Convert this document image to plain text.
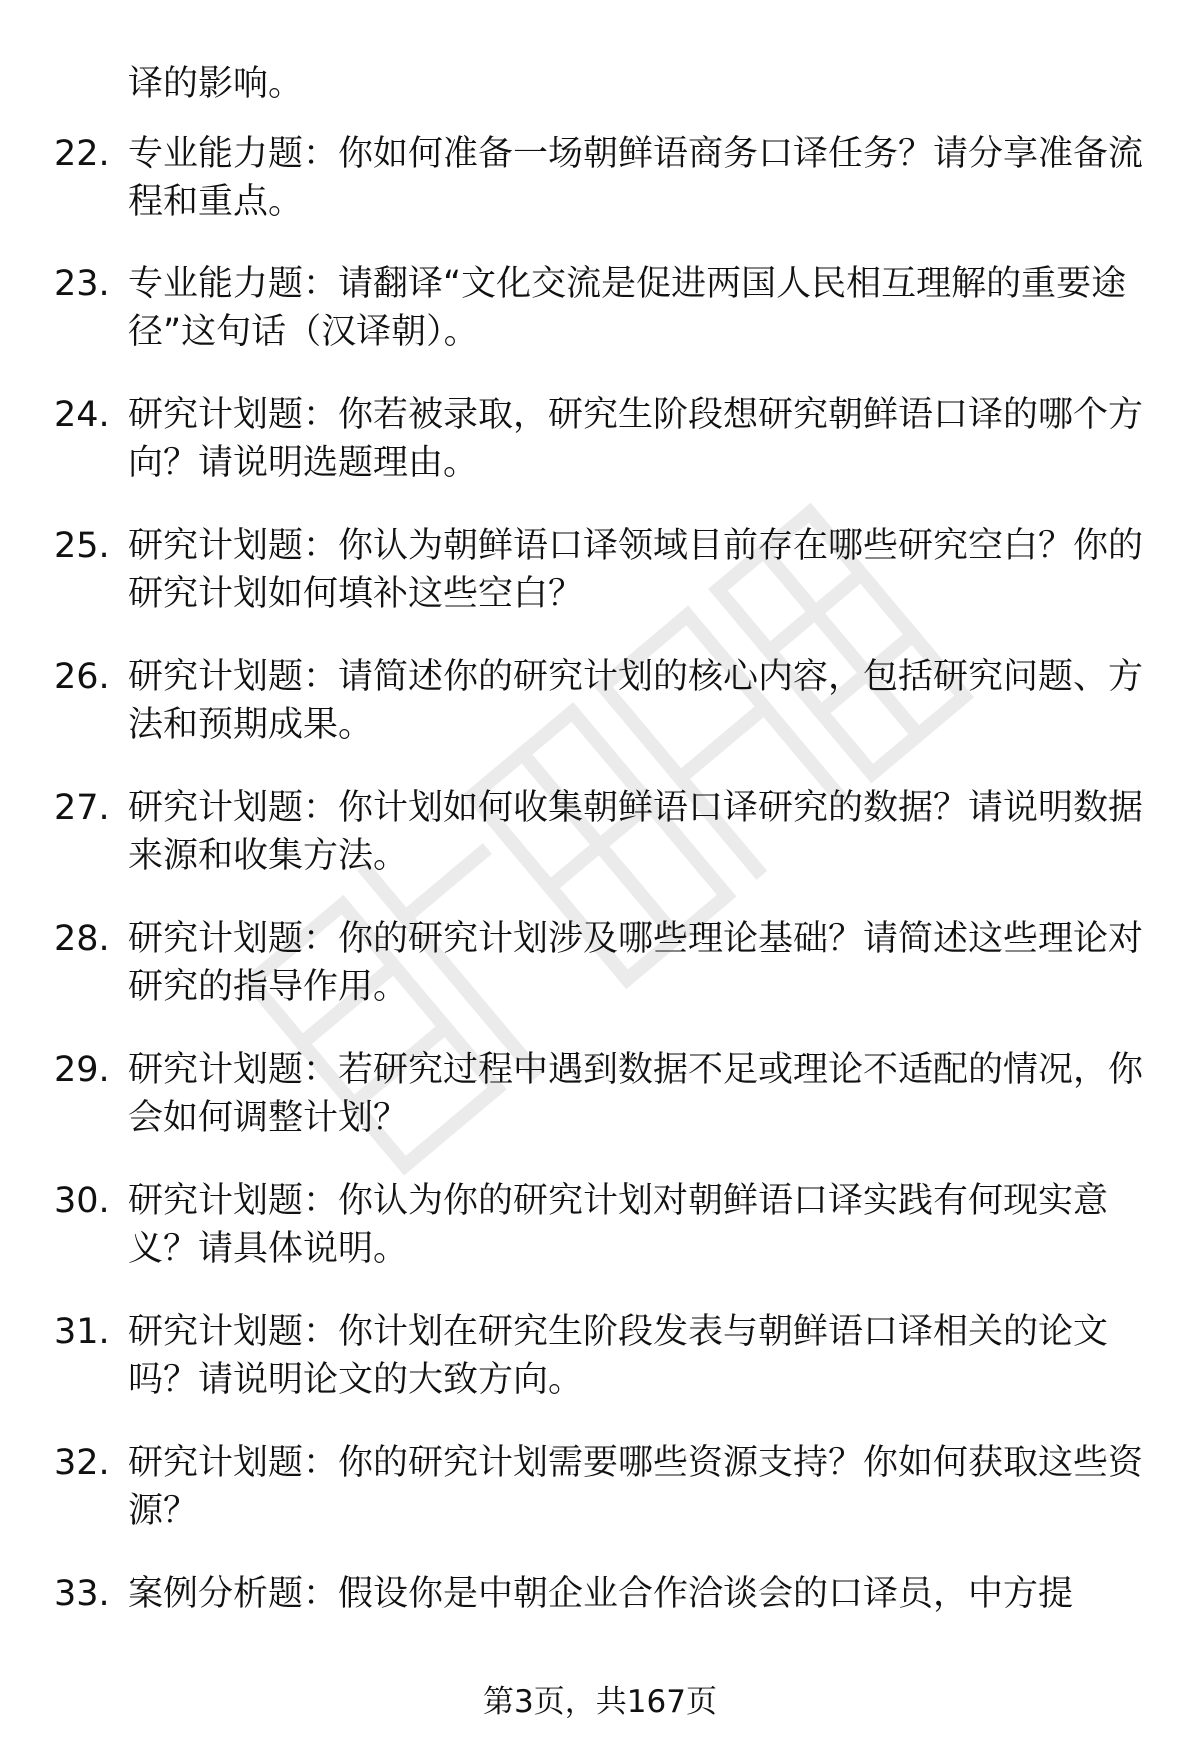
译的影响。

22. 专业能力题：你如何准备一场朝鲜语商务口译任务？请分享准备流程和重点。

23. 专业能力题：请翻译“文化交流是促进两国人民相互理解的重要途径”这句话（汉译朝）。

24. 研究计划题：你若被录取，研究生阶段想研究朝鲜语口译的哪个方向？请说明选题理由。

25. 研究计划题：你认为朝鲜语口译领域目前存在哪些研究空白？你的研究计划如何填补这些空白？

26. 研究计划题：请简述你的研究计划的核心内容，包括研究问题、方法和预期成果。

27. 研究计划题：你计划如何收集朝鲜语口译研究的数据？请说明数据来源和收集方法。

28. 研究计划题：你的研究计划涉及哪些理论基础？请简述这些理论对研究的指导作用。

29. 研究计划题：若研究过程中遇到数据不足或理论不适配的情况，你会如何调整计划？

30. 研究计划题：你认为你的研究计划对朝鲜语口译实践有何现实意义？请具体说明。

31. 研究计划题：你计划在研究生阶段发表与朝鲜语口译相关的论文吗？请说明论文的大致方向。

32. 研究计划题：你的研究计划需要哪些资源支持？你如何获取这些资源？

33. 案例分析题：假设你是中朝企业合作洽谈会的口译员，中方提

第3页，共167页
